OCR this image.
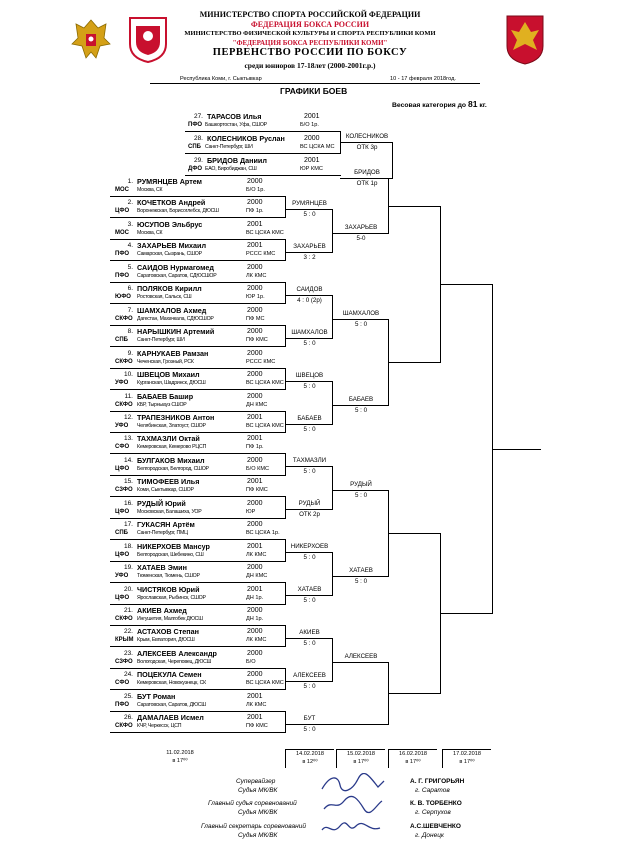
МИНИСТЕРСТВО СПОРТА РОССИЙСКОЙ ФЕДЕРАЦИИ
ФЕДЕРАЦИЯ БОКСА РОССИИ
МИНИСТЕРСТВО ФИЗИЧЕСКОЙ КУЛЬТУРЫ И СПОРТА РЕСПУБЛИКИ КОМИ
"ФЕДЕРАЦИЯ БОКСА РЕСПУБЛИКИ КОМИ"
ПЕРВЕНСТВО РОССИИ ПО БОКСУ
среди юниоров 17-18лет (2000-2001г.р.)
Республика Коми, г. Сыктывкар	10 - 17 февраля 2018год.
ГРАФИКИ БОЕВ
Весовая категория до 81 кг.
27. ТАРАСОВ Илья	2001
ПФО Башкортостан, Уфа, СШОР	Б/О 1р.
28. КОЛЕСНИКОВ Руслан	2000
СПБ Санкт-Петербург, ШИ	ВС ЦСКА МС
29. БРИДОВ Даниил	2001
ДФО ЕАО, Биробиджан, СШ	ЮР КМС
КОЛЕСНИКОВ
ОТК 3р
БРИДОВ
ОТК 1р
1. РУМЯНЦЕВ Артем	2000
МОС Москва, СК	Б/О 1р.
2. КОЧЕТКОВ Андрей	2000
ЦФО Воронежская, Борисоглебск, ДЮСШ	ПФ 1р.
3. ЮСУПОВ Эльбрус	2001
МОС Москва, СК	ВС ЦСКА КМС
4. ЗАХАРЬЕВ Михаил	2001
ПФО Самарская, Сызрань, СШОР	РССС КМС
5. САИДОВ Нурмагомед	2000
ПФО Саратовская, Саратов, СДЮСШОР	ЛК КМС
6. ПОЛЯКОВ Кирилл	2000
ЮФО Ростовская, Сальск, СШ	ЮР 1р.
7. ШАМХАЛОВ Ахмед	2000
СКФО Дагестан, Махачкала, СДЮСШОР	ПФ МС
8. НАРЫШКИН Артемий	2000
СПБ Санкт-Петербург, ШИ	ПФ КМС
9. КАРНУКАЕВ Рамзан	2000
СКФО Чеченская, Грозный, РСК	РССС КМС
10. ШВЕЦОВ Михаил	2000
УФО Курганская, Шадринск, ДЮСШ	ВС ЦСКА КМС
11. БАБАЕВ Башир	2000
СКФО КБР, Тырныауз СШОР	ДН КМС
12. ТРАПЕЗНИКОВ Антон	2001
УФО Челябинская, Златоуст, СШОР	ВС ЦСКА КМС
13. ТАХМАЗЛИ Октай	2001
СФО Кемеровская, Кемерово РЦСП	ПФ 1р.
14. БУЛГАКОВ Михаил	2000
ЦФО Белгородская, Белгород, СШОР	Б/О КМС
15. ТИМОФЕЕВ Илья	2001
СЗФО Коми, Сыктывкар, СШОР	ПФ КМС
16. РУДЫЙ Юрий	2000
ЦФО Московская, Балашиха, УОР	ЮР
17. ГУКАСЯН Артём	2000
СПБ Санкт-Петербург, ПМЦ	ВС ЦСКА 1р.
18. НИКЕРХОЕВ Мансур	2001
ЦФО Белгородская, Шебекино, СШ	ЛК КМС
19. ХАТАЕВ Эмин	2000
УФО Тюменская, Тюмень, СШОР	ДН КМС
20. ЧИСТЯКОВ Юрий	2001
ЦФО Ярославская, Рыбинск, СШОР	ДН 1р.
21. АКИЕВ Ахмед	2000
СКФО Ингушетия, Малгобек ДЮСШ	ДН 1р.
22. АСТАХОВ Степан	2000
КРЫМ Крым, Евпатория, ДЮСШ	ЛК КМС
23. АЛЕКСЕЕВ Александр	2000
СЗФО Вологодская, Череповец, ДЮСШ	Б/О
24. ПОЦЕКУЛА Семен	2000
СФО Кемеровская, Новокузнецк, СК	ВС ЦСКА КМС
25. БУТ Роман	2001
ПФО Саратовская, Саратов, ДЮСШ	ЛК КМС
26. ДАМАЛАЕВ Исмел	2001
СКФО КЧР, Черкесск, ЦСП	ПФ КМС
РУМЯНЦЕВ
5 : 0
ЗАХАРЬЕВ
3 : 2
САИДОВ
4 : 0 (2р)
ШАМХАЛОВ
5 : 0
ШВЕЦОВ
5 : 0
БАБАЕВ
5 : 0
ТАХМАЗЛИ
5 : 0
РУДЫЙ
ОТК 2р
НИКЕРХОЕВ
5 : 0
ХАТАЕВ
5 : 0
АКИЕВ
5 : 0
АЛЕКСЕЕВ
5 : 0
БУТ
5 : 0
ЗАХАРЬЕВ
5-0
ШАМХАЛОВ
5 : 0
БАБАЕВ
5 : 0
РУДЫЙ
5 : 0
ХАТАЕВ
5 : 0
АЛЕКСЕЕВ
11.02.2018
в 17⁰⁰
14.02.2018
в 12⁰⁰
15.02.2018
в 17⁰⁰
16.02.2018
в 17⁰⁰
17.02.2018
в 17⁰⁰
Супервайзер
Судья МК/ВК
А. Г. ГРИГОРЬЯН
г. Саратов
Главный судья соревнований
Судья МК/ВК
К. В. ТОРБЕНКО
г. Серпухов
Главный секретарь соревнований
Судья МК/ВК
А.С.ШЕВЧЕНКО
г. Донецк
